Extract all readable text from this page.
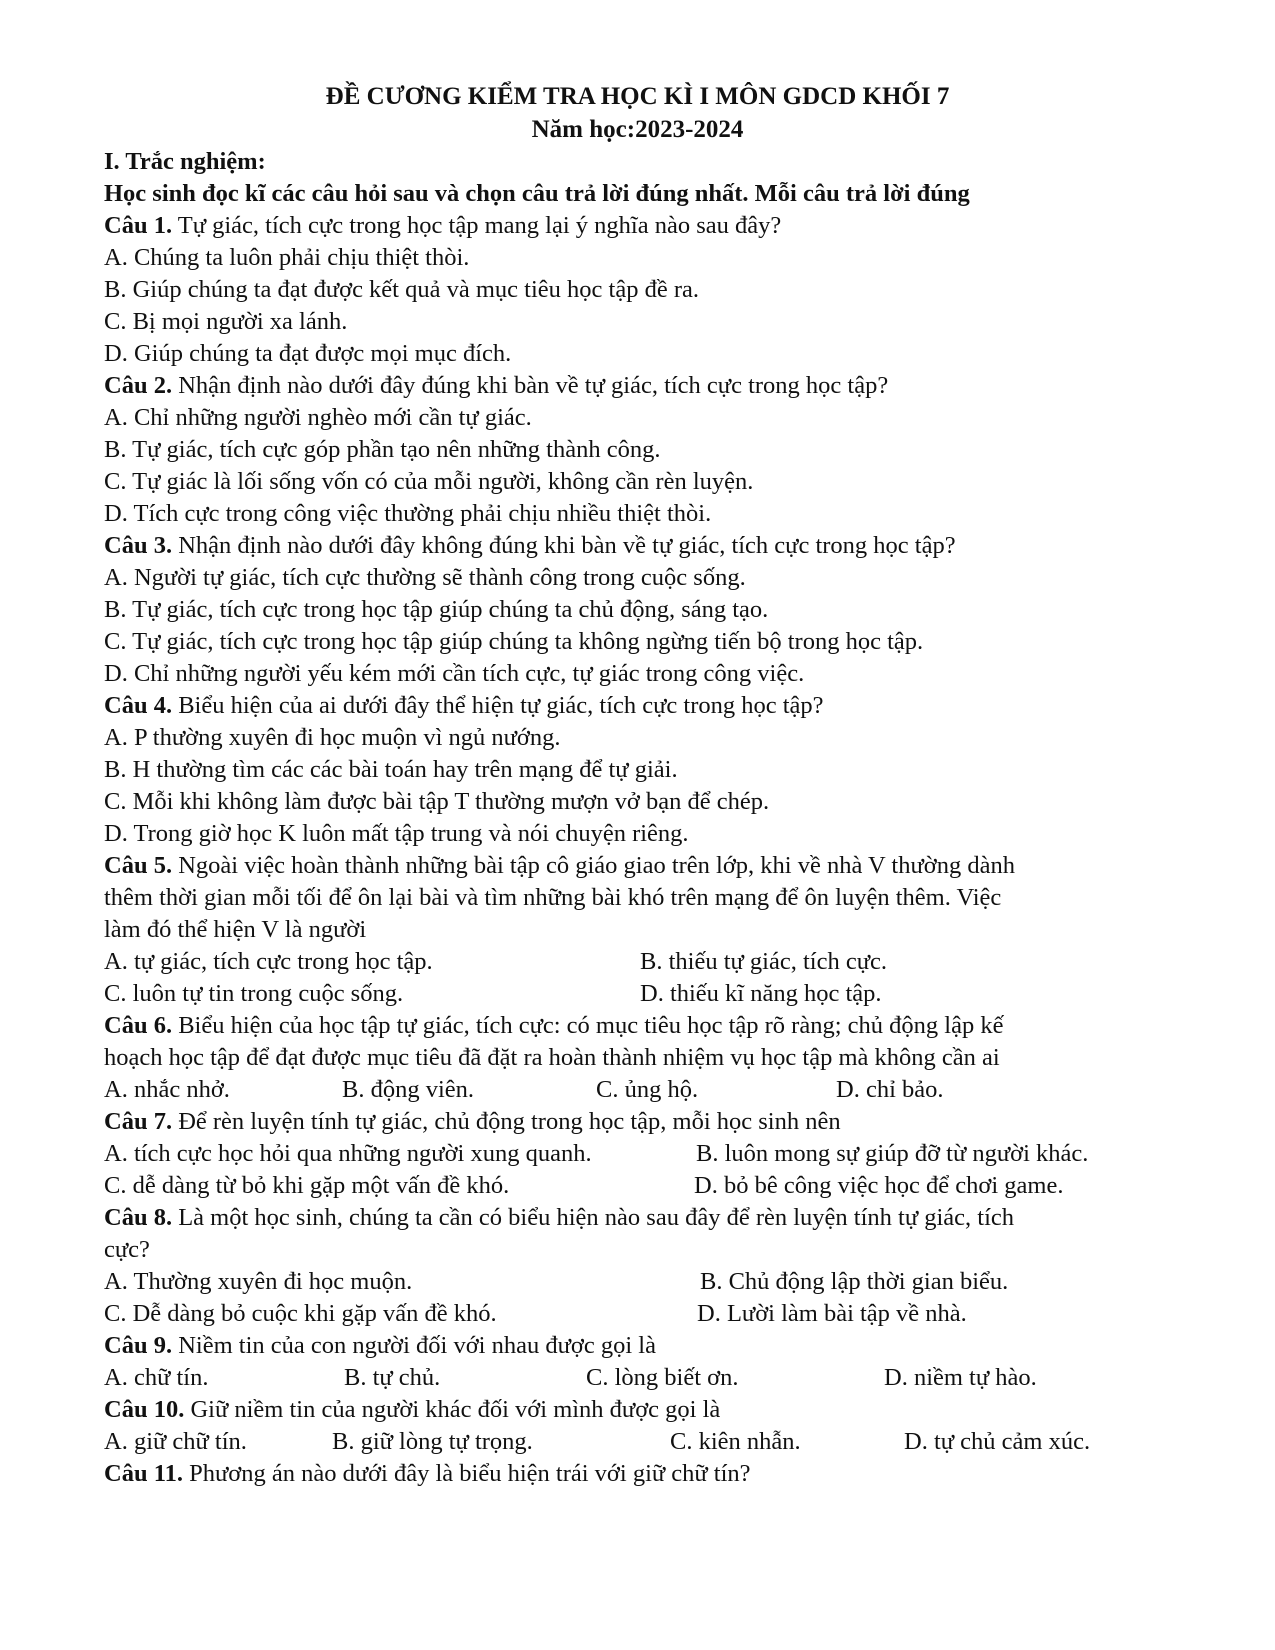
ĐỀ CƯƠNG KIỂM TRA HỌC KÌ I MÔN GDCD KHỐI 7
Năm học:2023-2024
I. Trắc nghiệm:
Học sinh đọc kĩ các câu hỏi sau và chọn câu trả lời đúng nhất. Mỗi câu trả lời đúng
Câu 1. Tự giác, tích cực trong học tập mang lại ý nghĩa nào sau đây?
A. Chúng ta luôn phải chịu thiệt thòi.
B. Giúp chúng ta đạt được kết quả và mục tiêu học tập đề ra.
C. Bị mọi người xa lánh.
D. Giúp chúng ta đạt được mọi mục đích.
Câu 2. Nhận định nào dưới đây đúng khi bàn về tự giác, tích cực trong học tập?
A. Chỉ những người nghèo mới cần tự giác.
B. Tự giác, tích cực góp phần tạo nên những thành công.
C. Tự giác là lối sống vốn có của mỗi người, không cần rèn luyện.
D. Tích cực trong công việc thường phải chịu nhiều thiệt thòi.
Câu 3. Nhận định nào dưới đây không đúng khi bàn về tự giác, tích cực trong học tập?
A. Người tự giác, tích cực thường sẽ thành công trong cuộc sống.
B. Tự giác, tích cực trong học tập giúp chúng ta chủ động, sáng tạo.
C. Tự giác, tích cực trong học tập giúp chúng ta không ngừng tiến bộ trong học tập.
D. Chỉ những người yếu kém mới cần tích cực, tự giác trong công việc.
Câu 4. Biểu hiện của ai dưới đây thể hiện tự giác, tích cực trong học tập?
A. P thường xuyên đi học muộn vì ngủ nướng.
B. H thường tìm các các bài toán hay trên mạng để tự giải.
C. Mỗi khi không làm được bài tập T thường mượn vở bạn để chép.
D. Trong giờ học K luôn mất tập trung và nói chuyện riêng.
Câu 5. Ngoài việc hoàn thành những bài tập cô giáo giao trên lớp, khi về nhà V thường dành
thêm thời gian mỗi tối để ôn lại bài và tìm những bài khó trên mạng để ôn luyện thêm. Việc
làm đó thể hiện V là người
A. tự giác, tích cực trong học tập.	B. thiếu tự giác, tích cực.
C. luôn tự tin trong cuộc sống.	D. thiếu kĩ năng học tập.
Câu 6. Biểu hiện của học tập tự giác, tích cực: có mục tiêu học tập rõ ràng; chủ động lập kế
hoạch học tập để đạt được mục tiêu đã đặt ra hoàn thành nhiệm vụ học tập mà không cần ai
A. nhắc nhở.	B. động viên.	C. ủng hộ.	D. chỉ bảo.
Câu 7. Để rèn luyện tính tự giác, chủ động trong học tập, mỗi học sinh nên
A. tích cực học hỏi qua những người xung quanh.	B. luôn mong sự giúp đỡ từ người khác.
C. dễ dàng từ bỏ khi gặp một vấn đề khó.	D. bỏ bê công việc học để chơi game.
Câu 8. Là một học sinh, chúng ta cần có biểu hiện nào sau đây để rèn luyện tính tự giác, tích
cực?
A. Thường xuyên đi học muộn.	B. Chủ động lập thời gian biểu.
C. Dễ dàng bỏ cuộc khi gặp vấn đề khó.	D. Lười làm bài tập về nhà.
Câu 9. Niềm tin của con người đối với nhau được gọi là
A. chữ tín.	B. tự chủ.	C. lòng biết ơn.	D. niềm tự hào.
Câu 10. Giữ niềm tin của người khác đối với mình được gọi là
A. giữ chữ tín.	B. giữ lòng tự trọng.	C. kiên nhẫn.	D. tự chủ cảm xúc.
Câu 11. Phương án nào dưới đây là biểu hiện trái với giữ chữ tín?
